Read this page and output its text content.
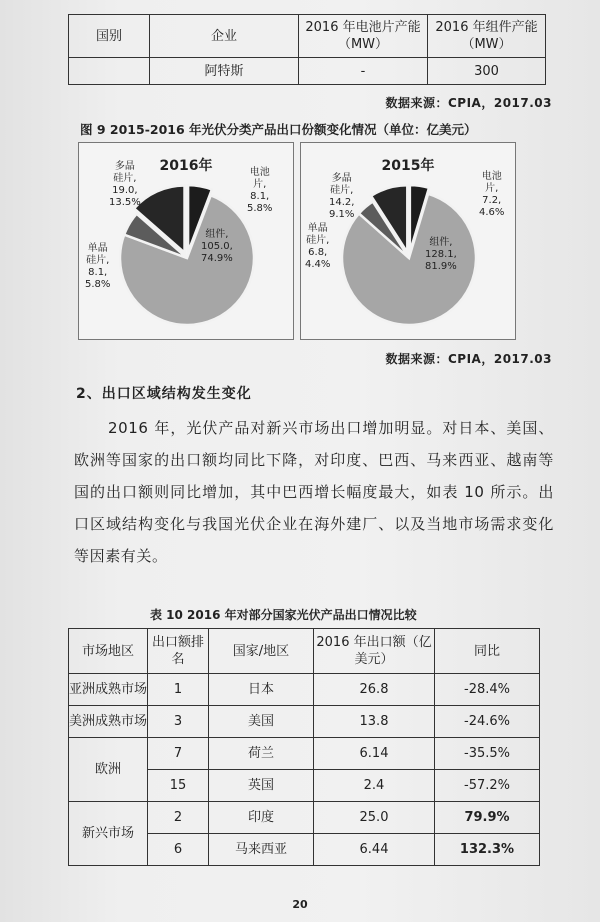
国别	企业	2016 年电池片产能（MW）	2016 年组件产能（MW）
	阿特斯	-	300
数据来源：CPIA，2017.03
图 9 2015-2016 年光伏分类产品出口份额变化情况（单位：亿美元）
2016年	电池
片,
8.1,
5.8%
组件,
105.0,
74.9%
单晶
硅片,
8.1,
5.8%
多晶
硅片,
19.0,
13.5%
2015年
电池
片,
7.2,
4.6%
组件,
128.1,
81.9%
单晶
硅片,
6.8,
4.4%
多晶
硅片,
14.2,
9.1%
数据来源：CPIA，2017.03
2、出口区域结构发生变化

2016 年，光伏产品对新兴市场出口增加明显。对日本、美国、欧洲等国家的出口额均同比下降，对印度、巴西、马来西亚、越南等国的出口额则同比增加，其中巴西增长幅度最大，如表 10 所示。出口区域结构变化与我国光伏企业在海外建厂、以及当地市场需求变化等因素有关。

表 10 2016 年对部分国家光伏产品出口情况比较
市场地区	出口额排名	国家/地区	2016 年出口额（亿美元）	同比
亚洲成熟市场	1	日本	26.8	-28.4%
美洲成熟市场	3	美国	13.8	-24.6%
欧洲	7	荷兰	6.14	-35.5%
	15	英国	2.4	-57.2%
新兴市场	2	印度	25.0	79.9%
	6	马来西亚	6.44	132.3%
20
